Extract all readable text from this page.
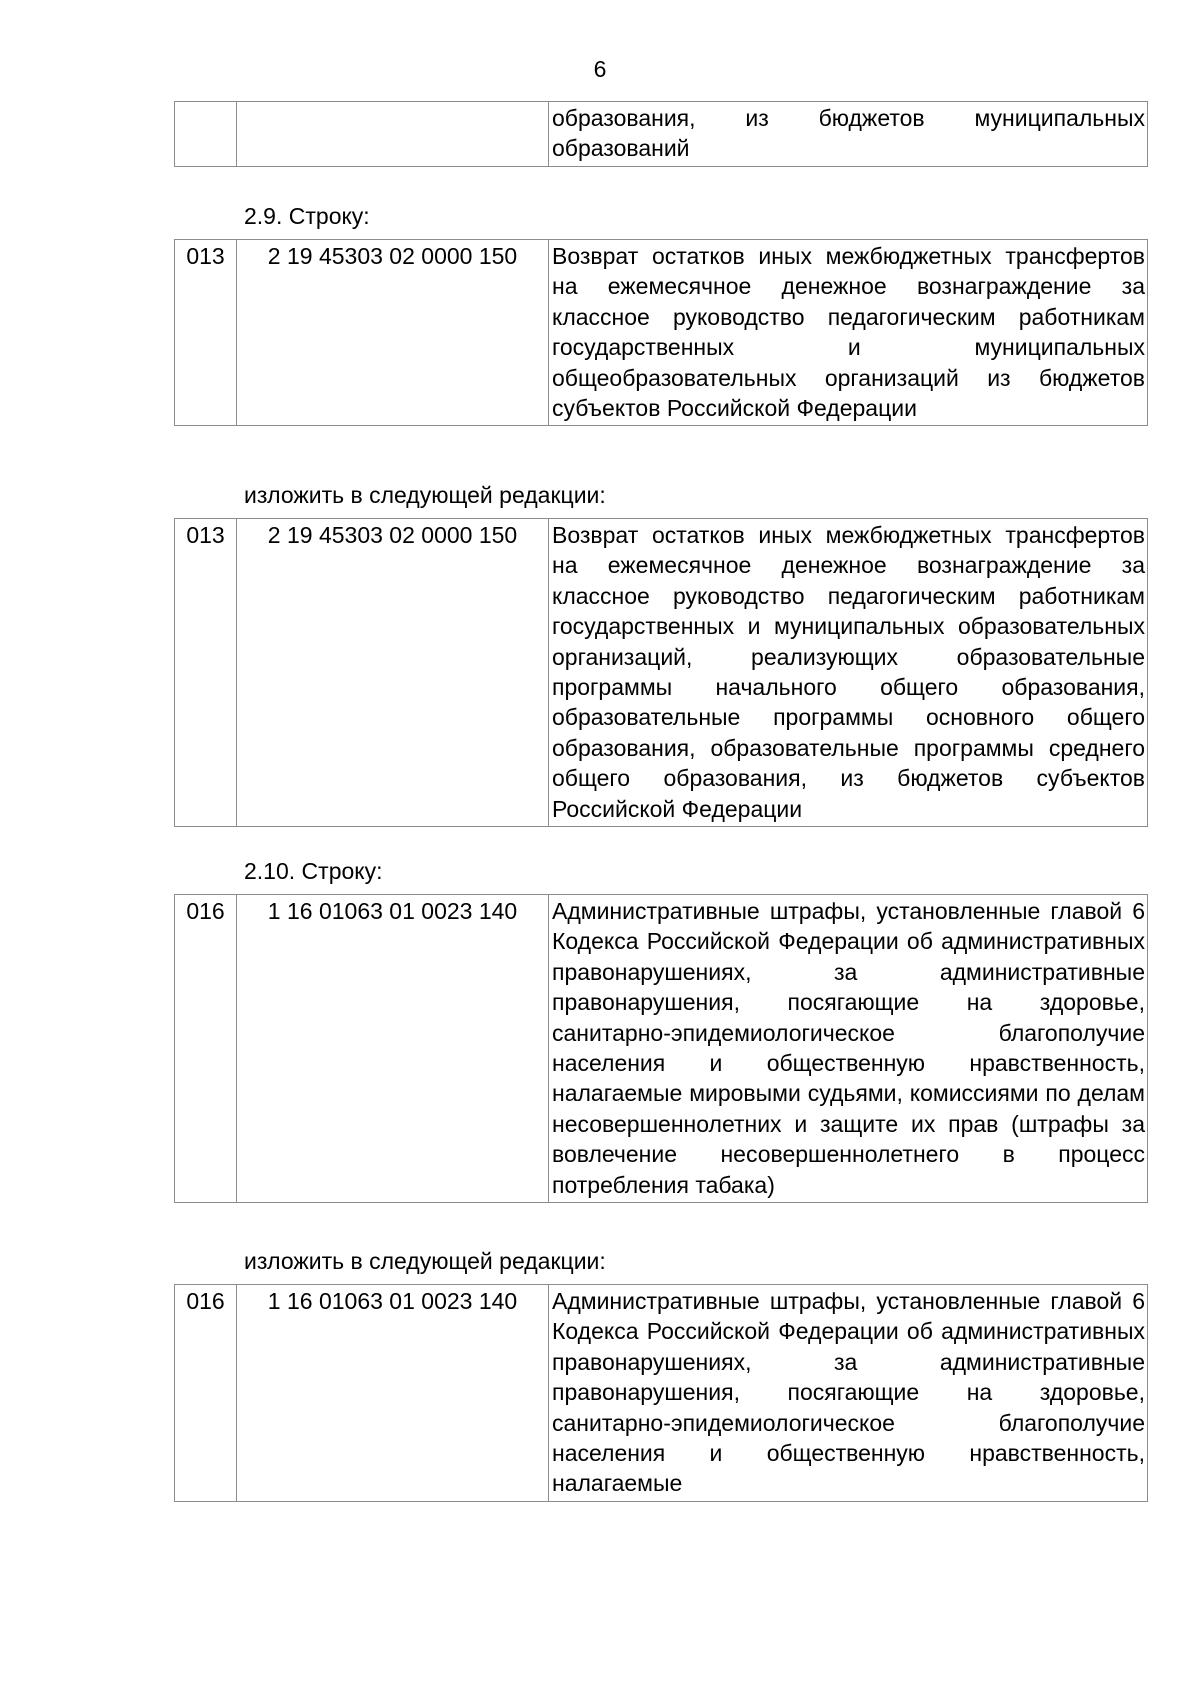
6
		образования, из бюджетов муниципальных образований
2.9. Строку:
013	2 19 45303 02 0000 150	Возврат остатков иных межбюджетных трансфертов на ежемесячное денежное вознаграждение за классное руководство педагогическим работникам государственных и муниципальных общеобразовательных организаций из бюджетов субъектов Российской Федерации
изложить в следующей редакции:
013	2 19 45303 02 0000 150	Возврат остатков иных межбюджетных трансфертов на ежемесячное денежное вознаграждение за классное руководство педагогическим работникам государственных и муниципальных образовательных организаций, реализующих образовательные программы начального общего образования, образовательные программы основного общего образования, образовательные программы среднего общего образования, из бюджетов субъектов Российской Федерации
2.10. Строку:
016	1 16 01063 01 0023 140	Административные штрафы, установленные главой 6 Кодекса Российской Федерации об административных правонарушениях, за административные правонарушения, посягающие на здоровье, санитарно-эпидемиологическое благополучие населения и общественную нравственность, налагаемые мировыми судьями, комиссиями по делам несовершеннолетних и защите их прав (штрафы за вовлечение несовершеннолетнего в процесс потребления табака)
изложить в следующей редакции:
016	1 16 01063 01 0023 140	Административные штрафы, установленные главой 6 Кодекса Российской Федерации об административных правонарушениях, за административные правонарушения, посягающие на здоровье, санитарно-эпидемиологическое благополучие населения и общественную нравственность, налагаемые
